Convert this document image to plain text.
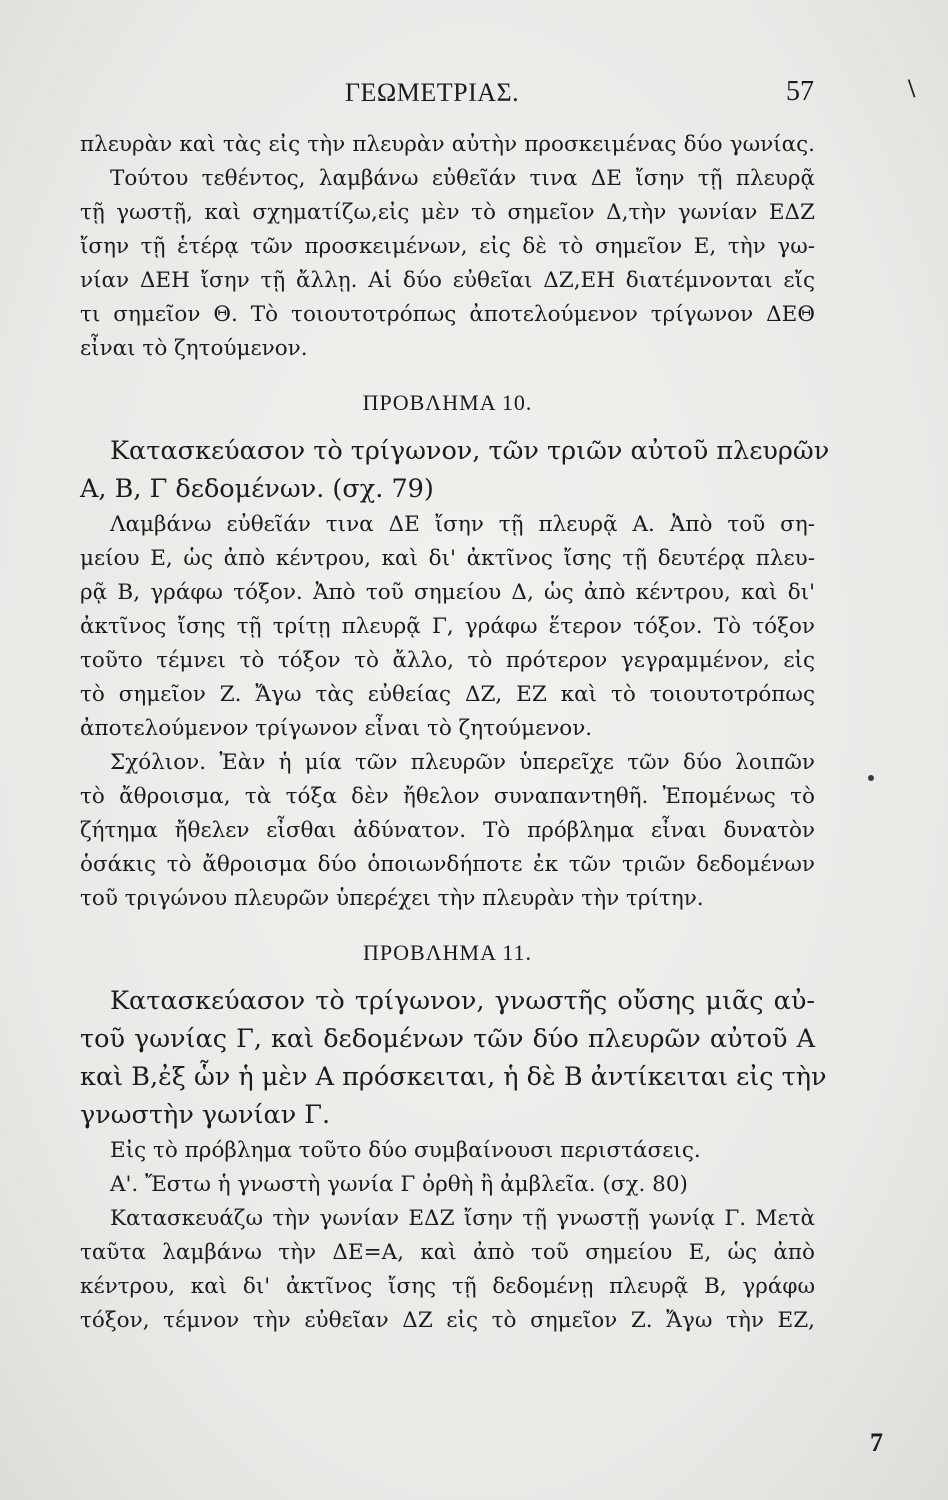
ΓΕΩΜΕΤΡΙΑΣ.	57	\
πλευρὰν καὶ τὰς εἰς τὴν πλευρὰν αὐτὴν προσκειμένας δύο γωνίας.
Τούτου τεθέντος, λαμβάνω εὐθεῖάν τινα ΔΕ ἴσην τῇ πλευρᾷ
τῇ γωστῇ, καὶ σχηματίζω,εἰς μὲν τὸ σημεῖον Δ,τὴν γωνίαν ΕΔΖ
ἴσην τῇ ἑτέρᾳ τῶν προσκειμένων, εἰς δὲ τὸ σημεῖον Ε, τὴν γω-
νίαν ΔΕΗ ἴσην τῇ ἄλλῃ. Αἱ δύο εὐθεῖαι ΔΖ,ΕΗ διατέμνονται εἴς
τι σημεῖον Θ. Τὸ τοιουτοτρόπως ἀποτελούμενον τρίγωνον ΔΕΘ
εἶναι τὸ ζητούμενον.
ΠΡΟΒΛΗΜΑ 10.
Κατασκεύασον τὸ τρίγωνον, τῶν τριῶν αὐτοῦ πλευρῶν
Α, Β, Γ δεδομένων. (σχ. 79)
Λαμβάνω εὐθεῖάν τινα ΔΕ ἴσην τῇ πλευρᾷ Α. Ἀπὸ τοῦ ση-
μείου Ε, ὡς ἀπὸ κέντρου, καὶ δι' ἀκτῖνος ἴσης τῇ δευτέρᾳ πλευ-
ρᾷ Β, γράφω τόξον. Ἀπὸ τοῦ σημείου Δ, ὡς ἀπὸ κέντρου, καὶ δι'
ἀκτῖνος ἴσης τῇ τρίτῃ πλευρᾷ Γ, γράφω ἕτερον τόξον. Τὸ τόξον
τοῦτο τέμνει τὸ τόξον τὸ ἄλλο, τὸ πρότερον γεγραμμένον, εἰς
τὸ σημεῖον Ζ. Ἄγω τὰς εὐθείας ΔΖ, ΕΖ καὶ τὸ τοιουτοτρόπως
ἀποτελούμενον τρίγωνον εἶναι τὸ ζητούμενον.
Σχόλιον. Ἐὰν ἡ μία τῶν πλευρῶν ὑπερεῖχε τῶν δύο λοιπῶν
τὸ ἄθροισμα, τὰ τόξα δὲν ἤθελον συναπαντηθῆ. Ἐπομένως τὸ
ζήτημα ἤθελεν εἶσθαι ἀδύνατον. Τὸ πρόβλημα εἶναι δυνατὸν
ὁσάκις τὸ ἄθροισμα δύο ὁποιωνδήποτε ἐκ τῶν τριῶν δεδομένων
τοῦ τριγώνου πλευρῶν ὑπερέχει τὴν πλευρὰν τὴν τρίτην.
ΠΡΟΒΛΗΜΑ 11.
Κατασκεύασον τὸ τρίγωνον, γνωστῆς οὔσης μιᾶς αὐ-
τοῦ γωνίας Γ, καὶ δεδομένων τῶν δύο πλευρῶν αὐτοῦ Α
καὶ Β,ἐξ ὧν ἡ μὲν Α πρόσκειται, ἡ δὲ Β ἀντίκειται εἰς τὴν
γνωστὴν γωνίαν Γ.
Εἰς τὸ πρόβλημα τοῦτο δύο συμβαίνουσι περιστάσεις.
Α'. Ἔστω ἡ γνωστὴ γωνία Γ ὀρθὴ ἢ ἀμβλεῖα. (σχ. 80)
Κατασκευάζω τὴν γωνίαν ΕΔΖ ἴσην τῇ γνωστῇ γωνίᾳ Γ. Μετὰ
ταῦτα λαμβάνω τὴν ΔΕ=Α, καὶ ἀπὸ τοῦ σημείου Ε, ὡς ἀπὸ
κέντρου, καὶ δι' ἀκτῖνος ἴσης τῇ δεδομένῃ πλευρᾷ Β, γράφω
τόξον, τέμνον τὴν εὐθεῖαν ΔΖ εἰς τὸ σημεῖον Ζ. Ἄγω τὴν ΕΖ,
7
